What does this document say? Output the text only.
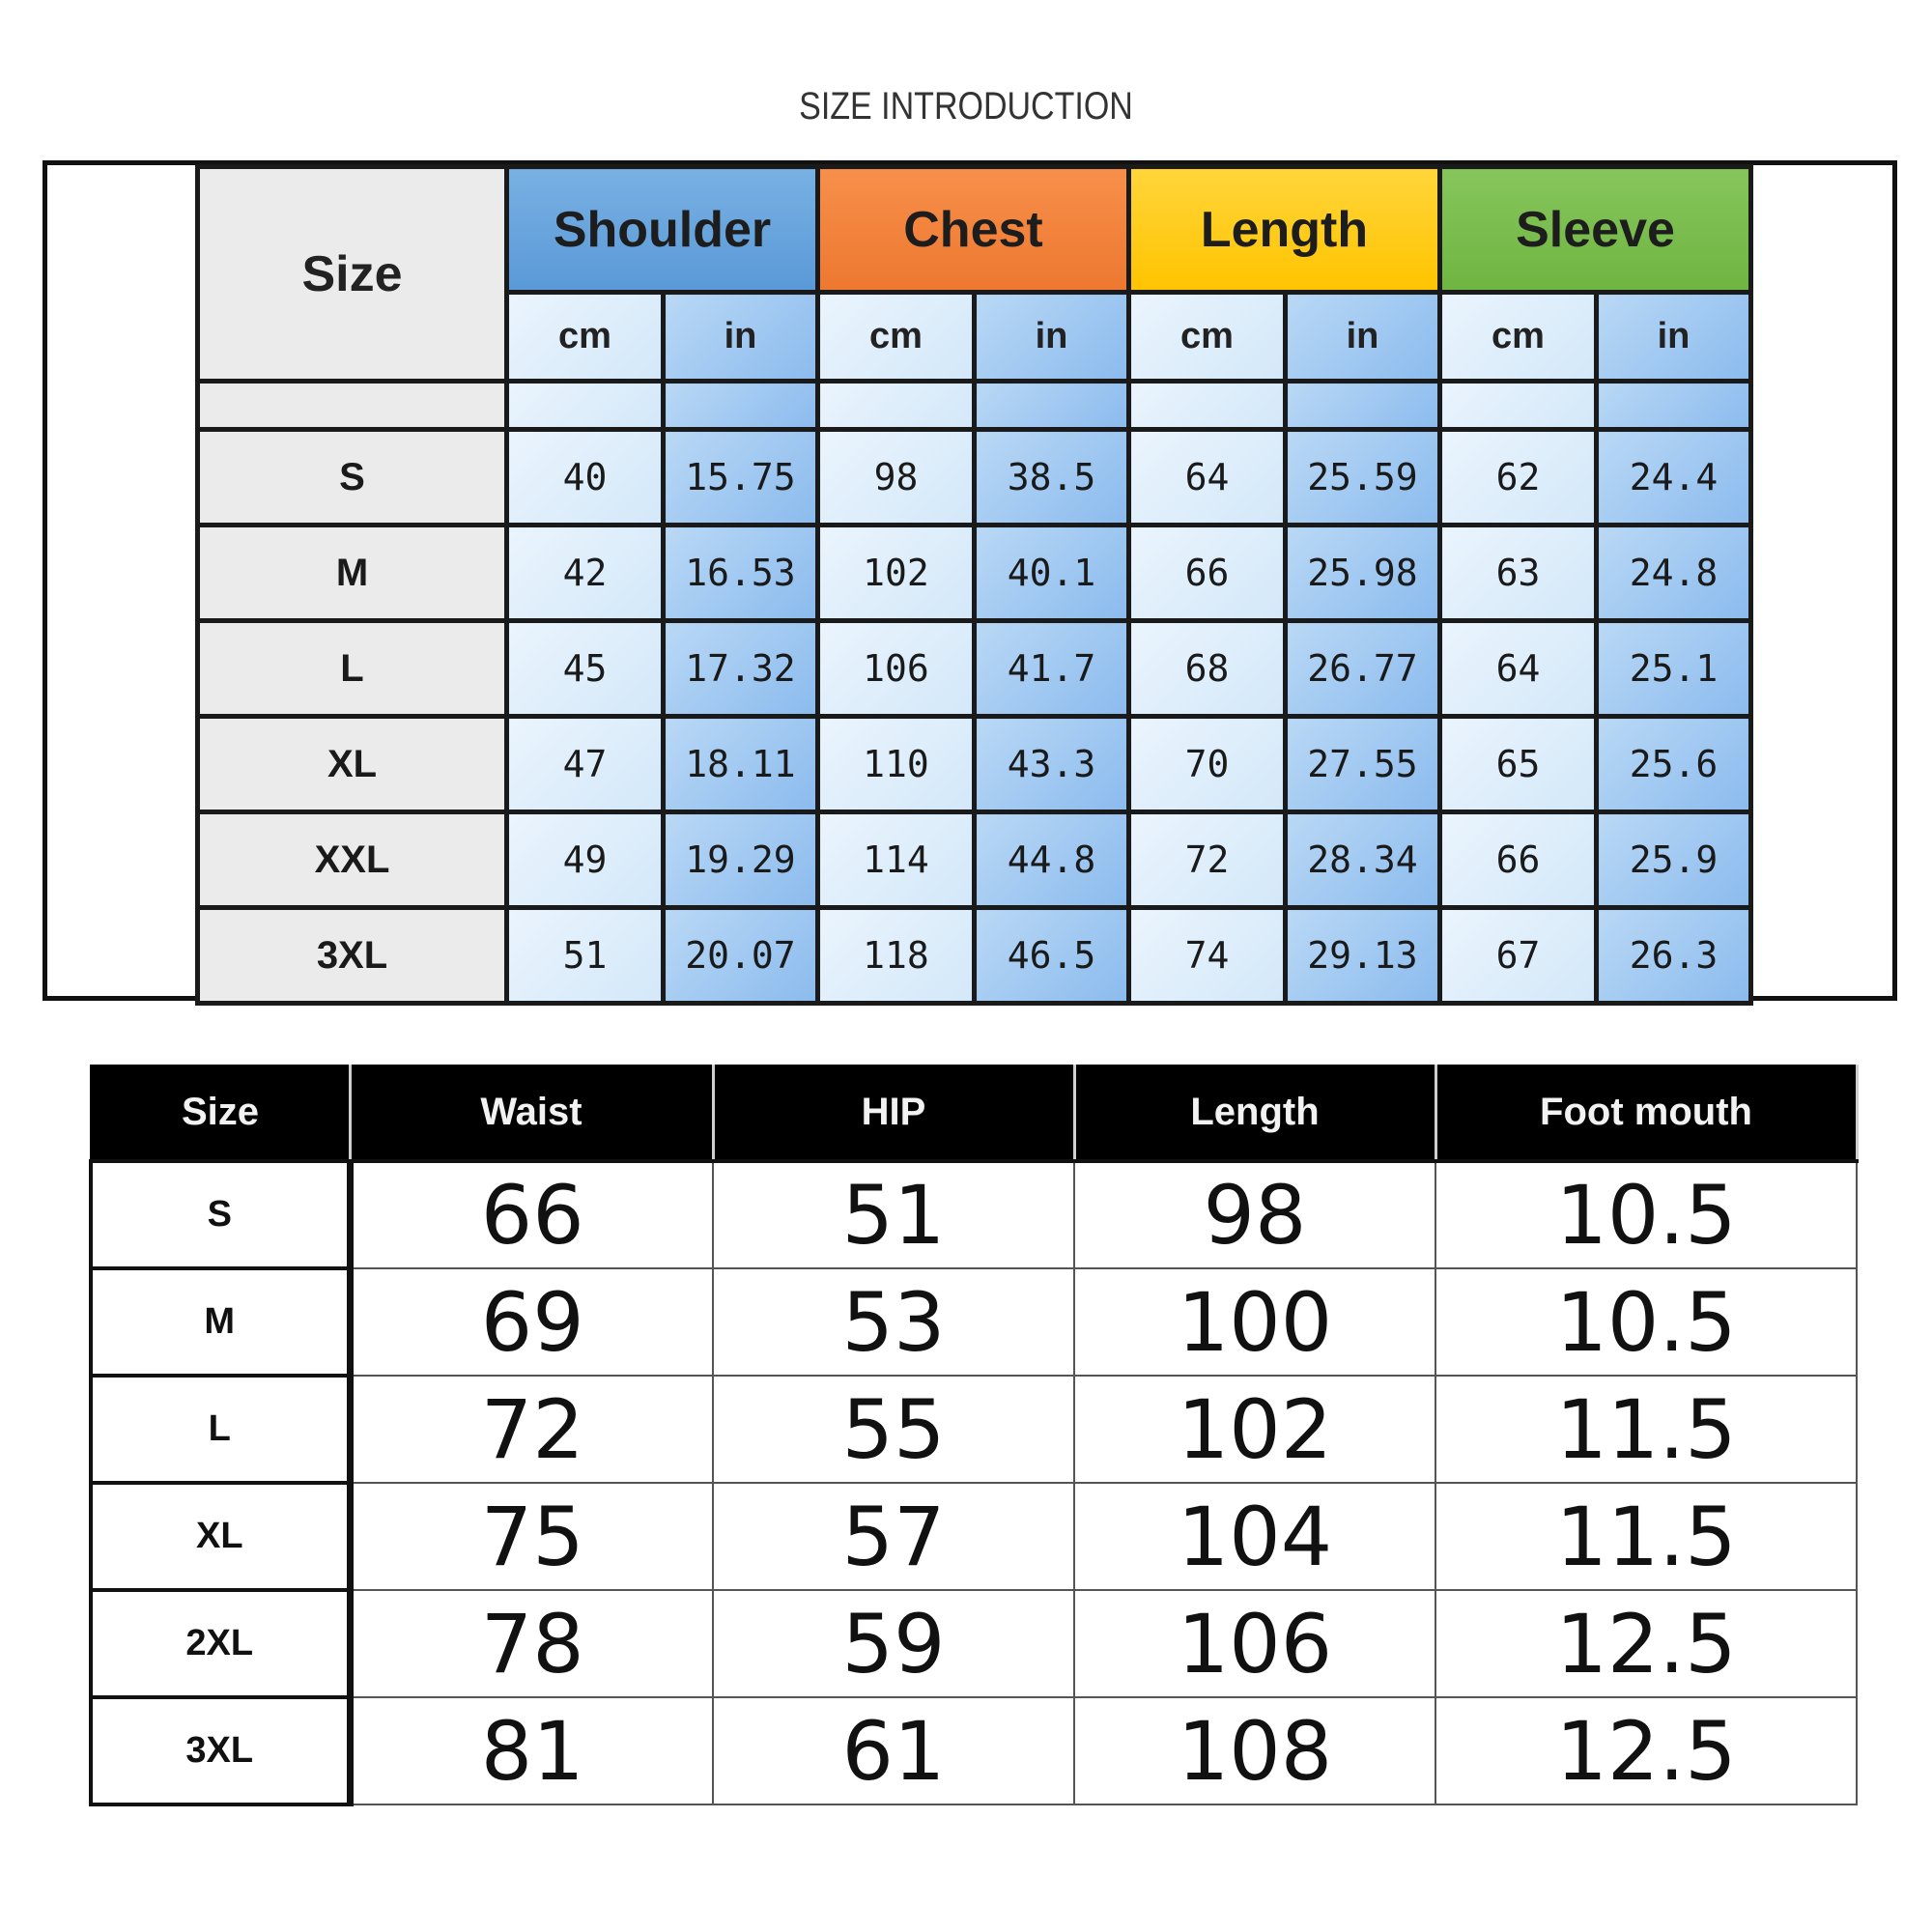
SIZE INTRODUCTION
Size	Shoulder		Chest		Length		Sleeve	
	cm	in	cm	in	cm	in	cm	in

S	40	15.75	98	38.5	64	25.59	62	24.4
M	42	16.53	102	40.1	66	25.98	63	24.8
L	45	17.32	106	41.7	68	26.77	64	25.1
XL	47	18.11	110	43.3	70	27.55	65	25.6
XXL	49	19.29	114	44.8	72	28.34	66	25.9
3XL	51	20.07	118	46.5	74	29.13	67	26.3
Size	Waist	HIP	Length	Foot mouth
S	66	51	98	10.5
M	69	53	100	10.5
L	72	55	102	11.5
XL	75	57	104	11.5
2XL	78	59	106	12.5
3XL	81	61	108	12.5
